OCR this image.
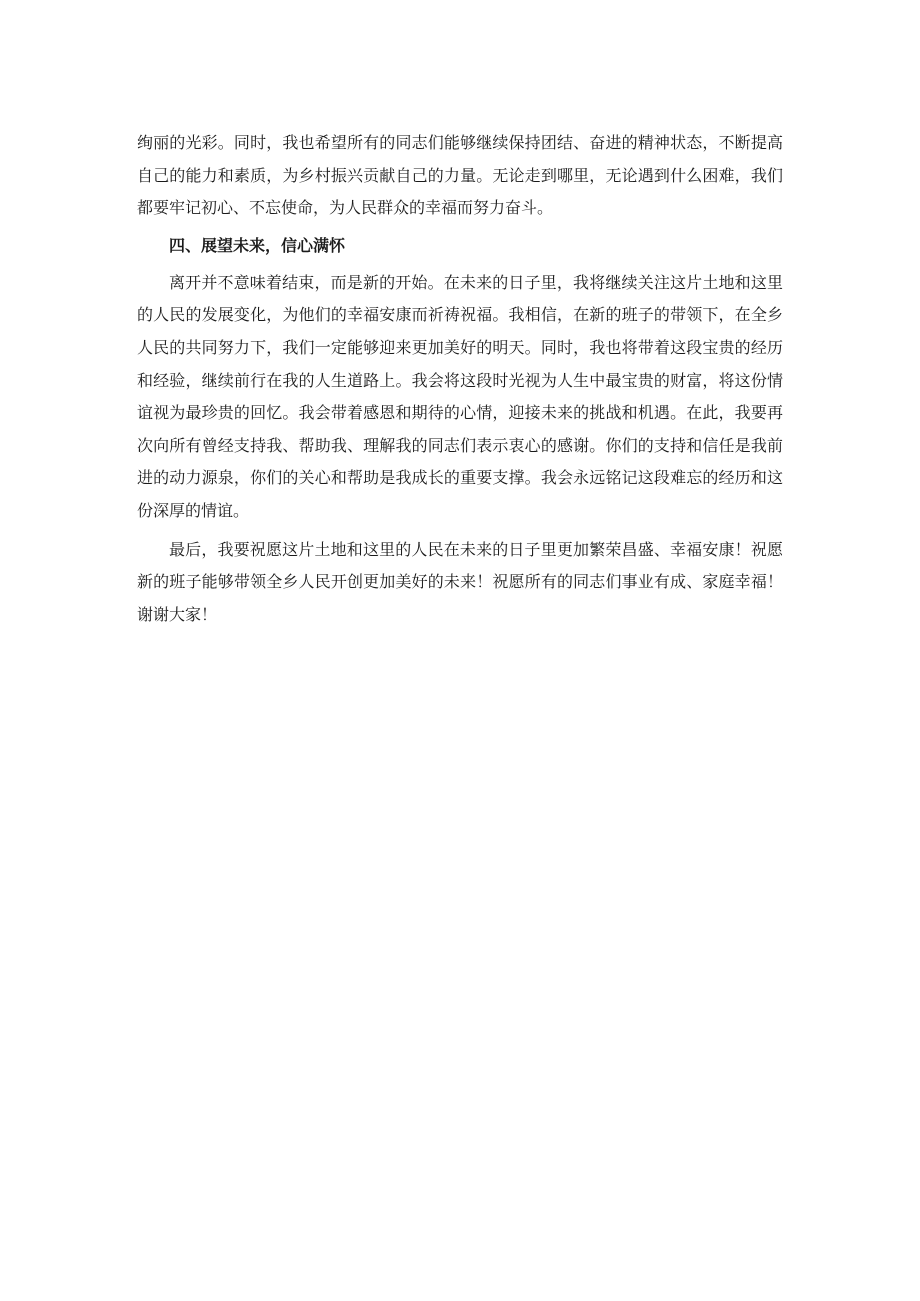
绚丽的光彩。同时，我也希望所有的同志们能够继续保持团结、奋进的精神状态，不断提高自己的能力和素质，为乡村振兴贡献自己的力量。无论走到哪里，无论遇到什么困难，我们都要牢记初心、不忘使命，为人民群众的幸福而努力奋斗。

四、展望未来，信心满怀

离开并不意味着结束，而是新的开始。在未来的日子里，我将继续关注这片土地和这里的人民的发展变化，为他们的幸福安康而祈祷祝福。我相信，在新的班子的带领下，在全乡人民的共同努力下，我们一定能够迎来更加美好的明天。同时，我也将带着这段宝贵的经历和经验，继续前行在我的人生道路上。我会将这段时光视为人生中最宝贵的财富，将这份情谊视为最珍贵的回忆。我会带着感恩和期待的心情，迎接未来的挑战和机遇。在此，我要再次向所有曾经支持我、帮助我、理解我的同志们表示衷心的感谢。你们的支持和信任是我前进的动力源泉，你们的关心和帮助是我成长的重要支撑。我会永远铭记这段难忘的经历和这份深厚的情谊。

最后，我要祝愿这片土地和这里的人民在未来的日子里更加繁荣昌盛、幸福安康！祝愿新的班子能够带领全乡人民开创更加美好的未来！祝愿所有的同志们事业有成、家庭幸福！谢谢大家！
